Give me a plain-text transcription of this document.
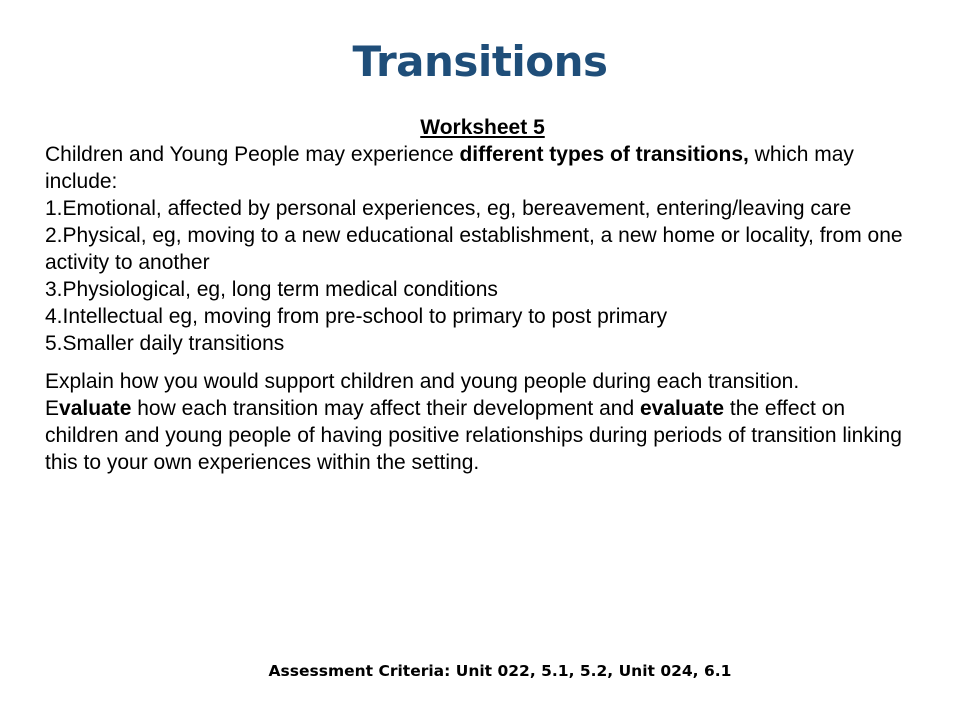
Transitions

Worksheet 5

Children and Young People may experience different types of transitions, which may include:

1.Emotional, affected by personal experiences, eg, bereavement, entering/leaving care
2.Physical, eg, moving to a new educational establishment, a new home or locality, from one activity to another
3.Physiological, eg, long term medical conditions
4.Intellectual eg, moving from pre-school to primary to post primary
5.Smaller daily transitions

Explain how you would support children and young people during each transition.

Evaluate how each transition may affect their development and evaluate the effect on children and young people of having positive relationships during periods of transition linking this to your own experiences within the setting.

Assessment Criteria: Unit 022, 5.1, 5.2, Unit 024, 6.1
